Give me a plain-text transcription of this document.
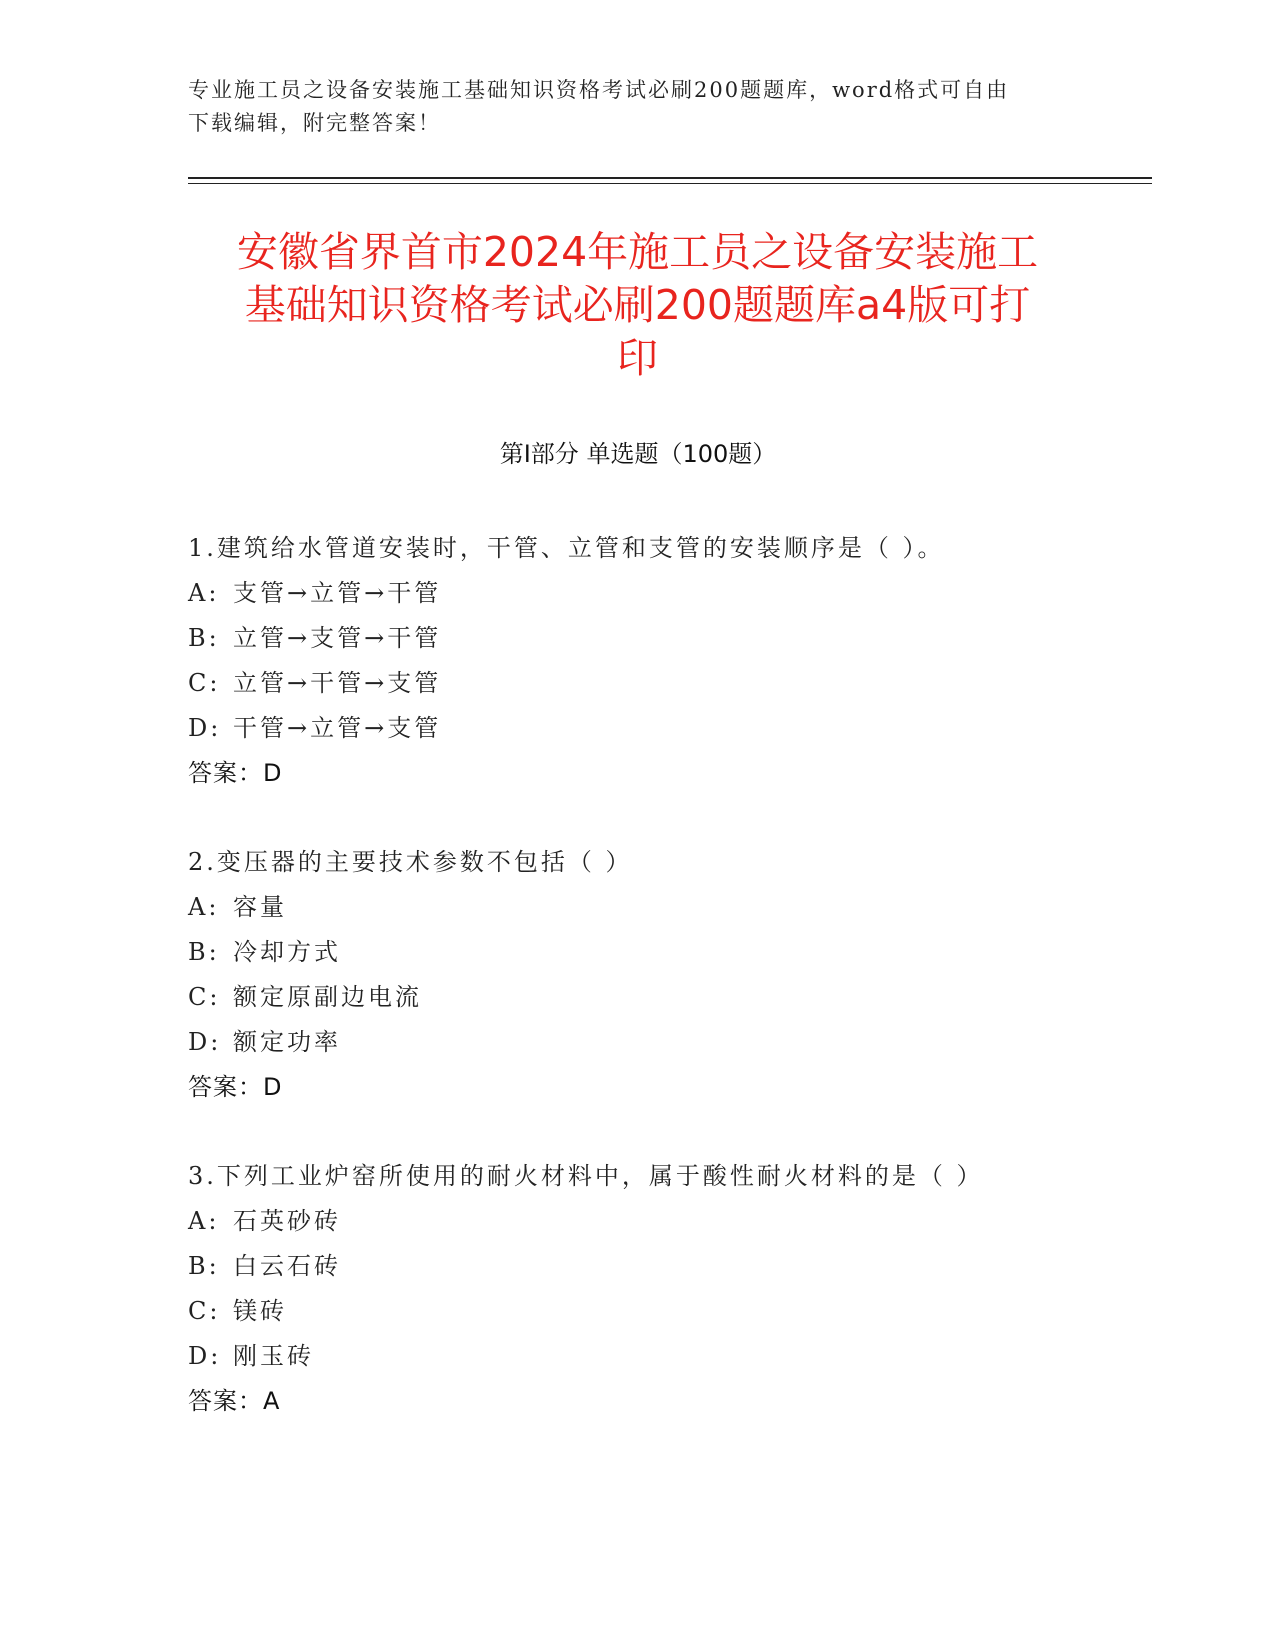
专业施工员之设备安装施工基础知识资格考试必刷200题题库，word格式可自由
下载编辑，附完整答案！
安徽省界首市2024年施工员之设备安装施工
基础知识资格考试必刷200题题库a4版可打
印
第Ⅰ部分 单选题（100题）
1.建筑给水管道安装时，干管、立管和支管的安装顺序是（ ）。
A: 支管→立管→干管
B: 立管→支管→干管
C: 立管→干管→支管
D: 干管→立管→支管
答案：D
2.变压器的主要技术参数不包括（ ）
A: 容量
B: 冷却方式
C: 额定原副边电流
D: 额定功率
答案：D
3.下列工业炉窑所使用的耐火材料中，属于酸性耐火材料的是（ ）
A: 石英砂砖
B: 白云石砖
C: 镁砖
D: 刚玉砖
答案：A
